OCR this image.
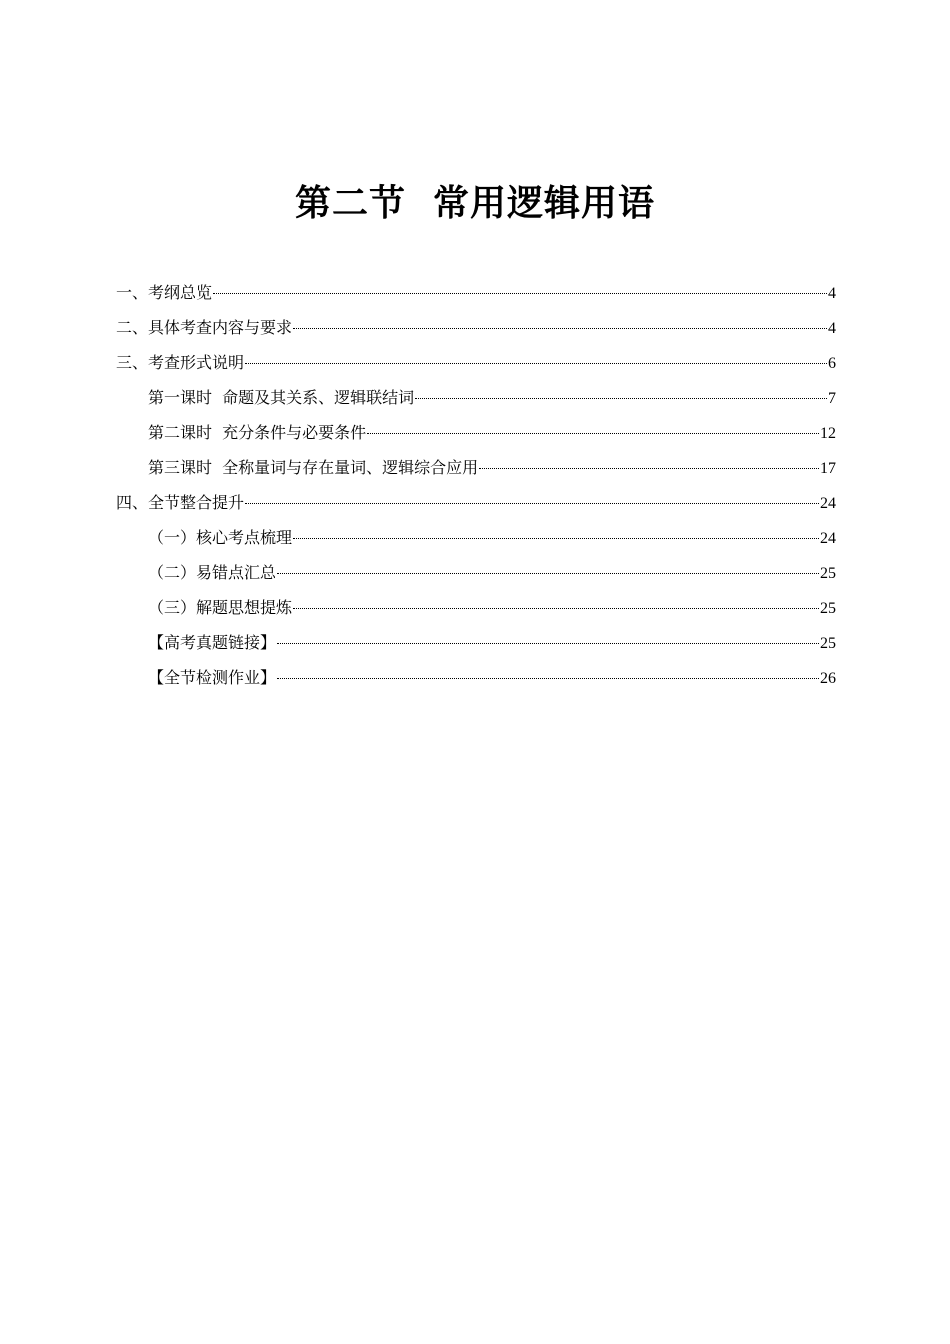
第二节  常用逻辑用语
一、考纲总览	4
二、具体考查内容与要求	4
三、考查形式说明	6
第一课时  命题及其关系、逻辑联结词	7
第二课时  充分条件与必要条件	12
第三课时  全称量词与存在量词、逻辑综合应用	17
四、全节整合提升	24
（一）核心考点梳理	24
（二）易错点汇总	25
（三）解题思想提炼	25
【高考真题链接】	25
【全节检测作业】	26
